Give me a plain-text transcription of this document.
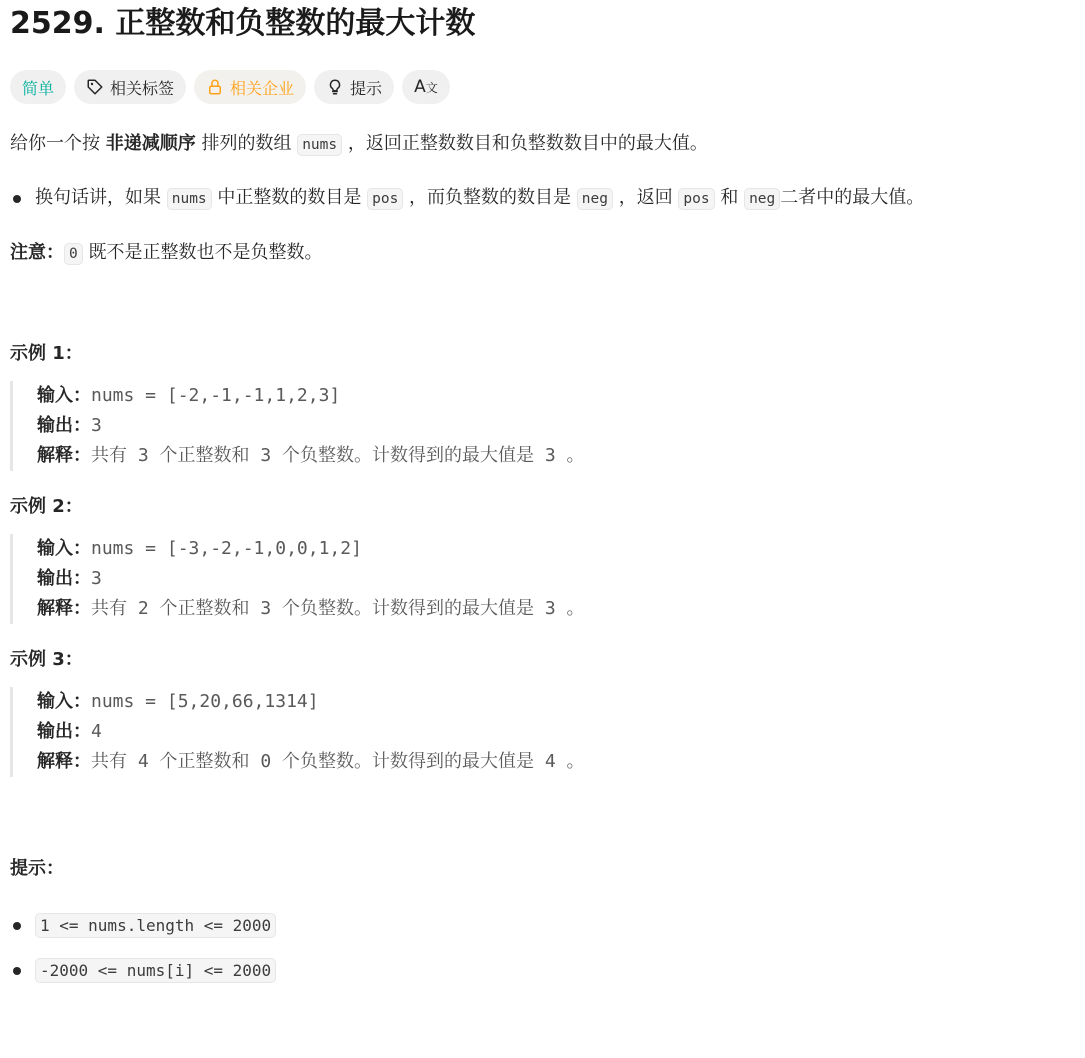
2529. 正整数和负整数的最大计数
简单	相关标签	相关企业	提示 A文
给你一个按 非递减顺序 排列的数组 nums ，返回正整数数目和负整数数目中的最大值。
换句话讲，如果 nums 中正整数的数目是 pos ，而负整数的数目是 neg ，返回 pos 和 neg 二者中的最大值。
注意： 0 既不是正整数也不是负整数。
示例 1：
输入：nums = [-2,-1,-1,1,2,3]
输出：3
解释：共有 3 个正整数和 3 个负整数。计数得到的最大值是 3 。
示例 2：
输入：nums = [-3,-2,-1,0,0,1,2]
输出：3
解释：共有 2 个正整数和 3 个负整数。计数得到的最大值是 3 。
示例 3：
输入：nums = [5,20,66,1314]
输出：4
解释：共有 4 个正整数和 0 个负整数。计数得到的最大值是 4 。
提示：
1 <= nums.length <= 2000
-2000 <= nums[i] <= 2000
